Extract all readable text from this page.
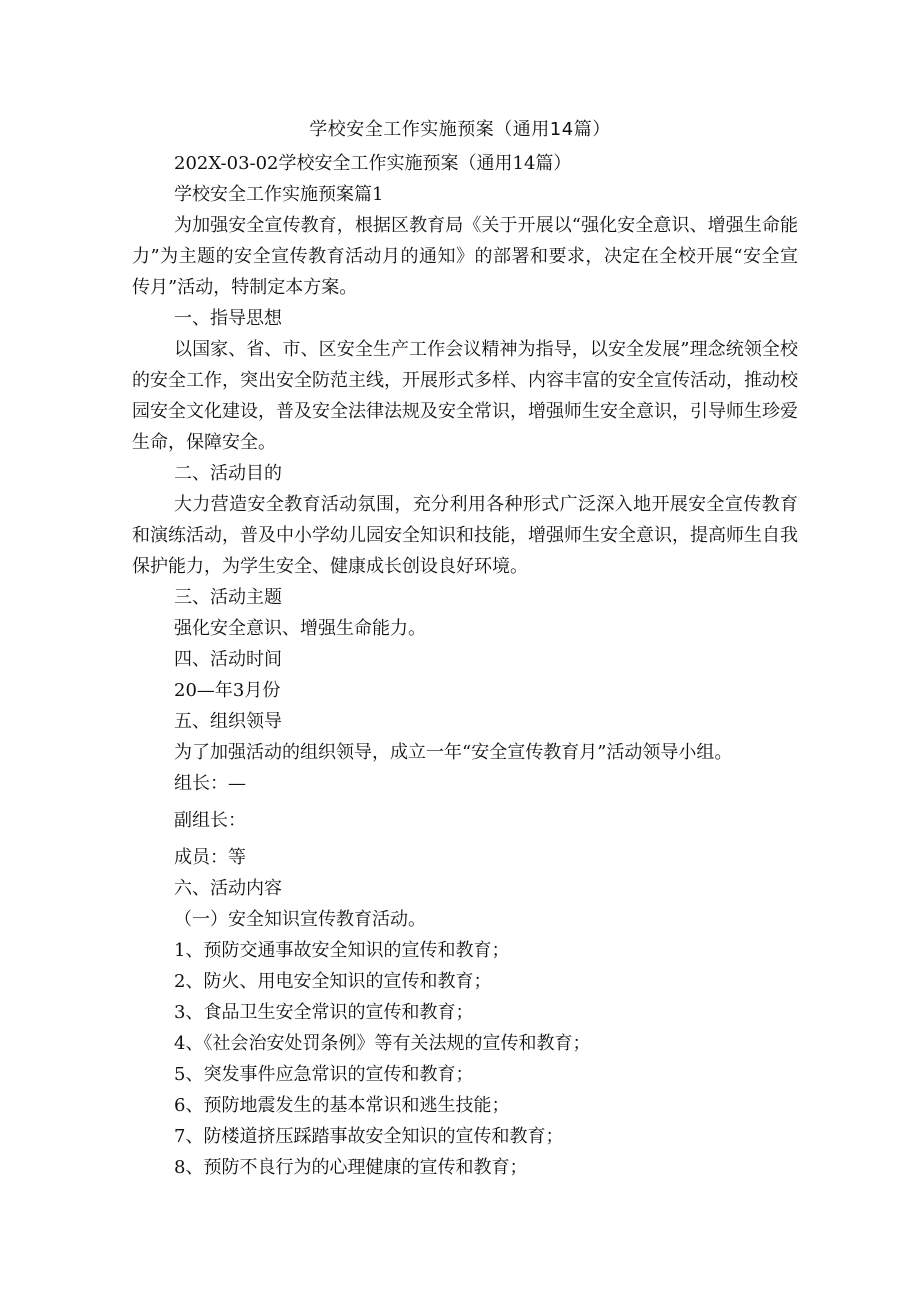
学校安全工作实施预案（通用14篇）

202X-03-02学校安全工作实施预案（通用14篇）

学校安全工作实施预案篇1

为加强安全宣传教育，根据区教育局《关于开展以“强化安全意识、增强生命能力”为主题的安全宣传教育活动月的通知》的部署和要求，决定在全校开展“安全宣传月”活动，特制定本方案。

一、指导思想

以国家、省、市、区安全生产工作会议精神为指导，以安全发展”理念统领全校的安全工作，突出安全防范主线，开展形式多样、内容丰富的安全宣传活动，推动校园安全文化建设，普及安全法律法规及安全常识，增强师生安全意识，引导师生珍爱生命，保障安全。

二、活动目的

大力营造安全教育活动氛围，充分利用各种形式广泛深入地开展安全宣传教育和演练活动，普及中小学幼儿园安全知识和技能，增强师生安全意识，提高师生自我保护能力，为学生安全、健康成长创设良好环境。

三、活动主题

强化安全意识、增强生命能力。

四、活动时间

20—年3月份

五、组织领导

为了加强活动的组织领导，成立一年“安全宣传教育月”活动领导小组。

组长：—

副组长：

成员：等

六、活动内容

（一）安全知识宣传教育活动。

1、预防交通事故安全知识的宣传和教育；

2、防火、用电安全知识的宣传和教育；

3、食品卫生安全常识的宣传和教育；

4、《社会治安处罚条例》等有关法规的宣传和教育；

5、突发事件应急常识的宣传和教育；

6、预防地震发生的基本常识和逃生技能；

7、防楼道挤压踩踏事故安全知识的宣传和教育；

8、预防不良行为的心理健康的宣传和教育；
